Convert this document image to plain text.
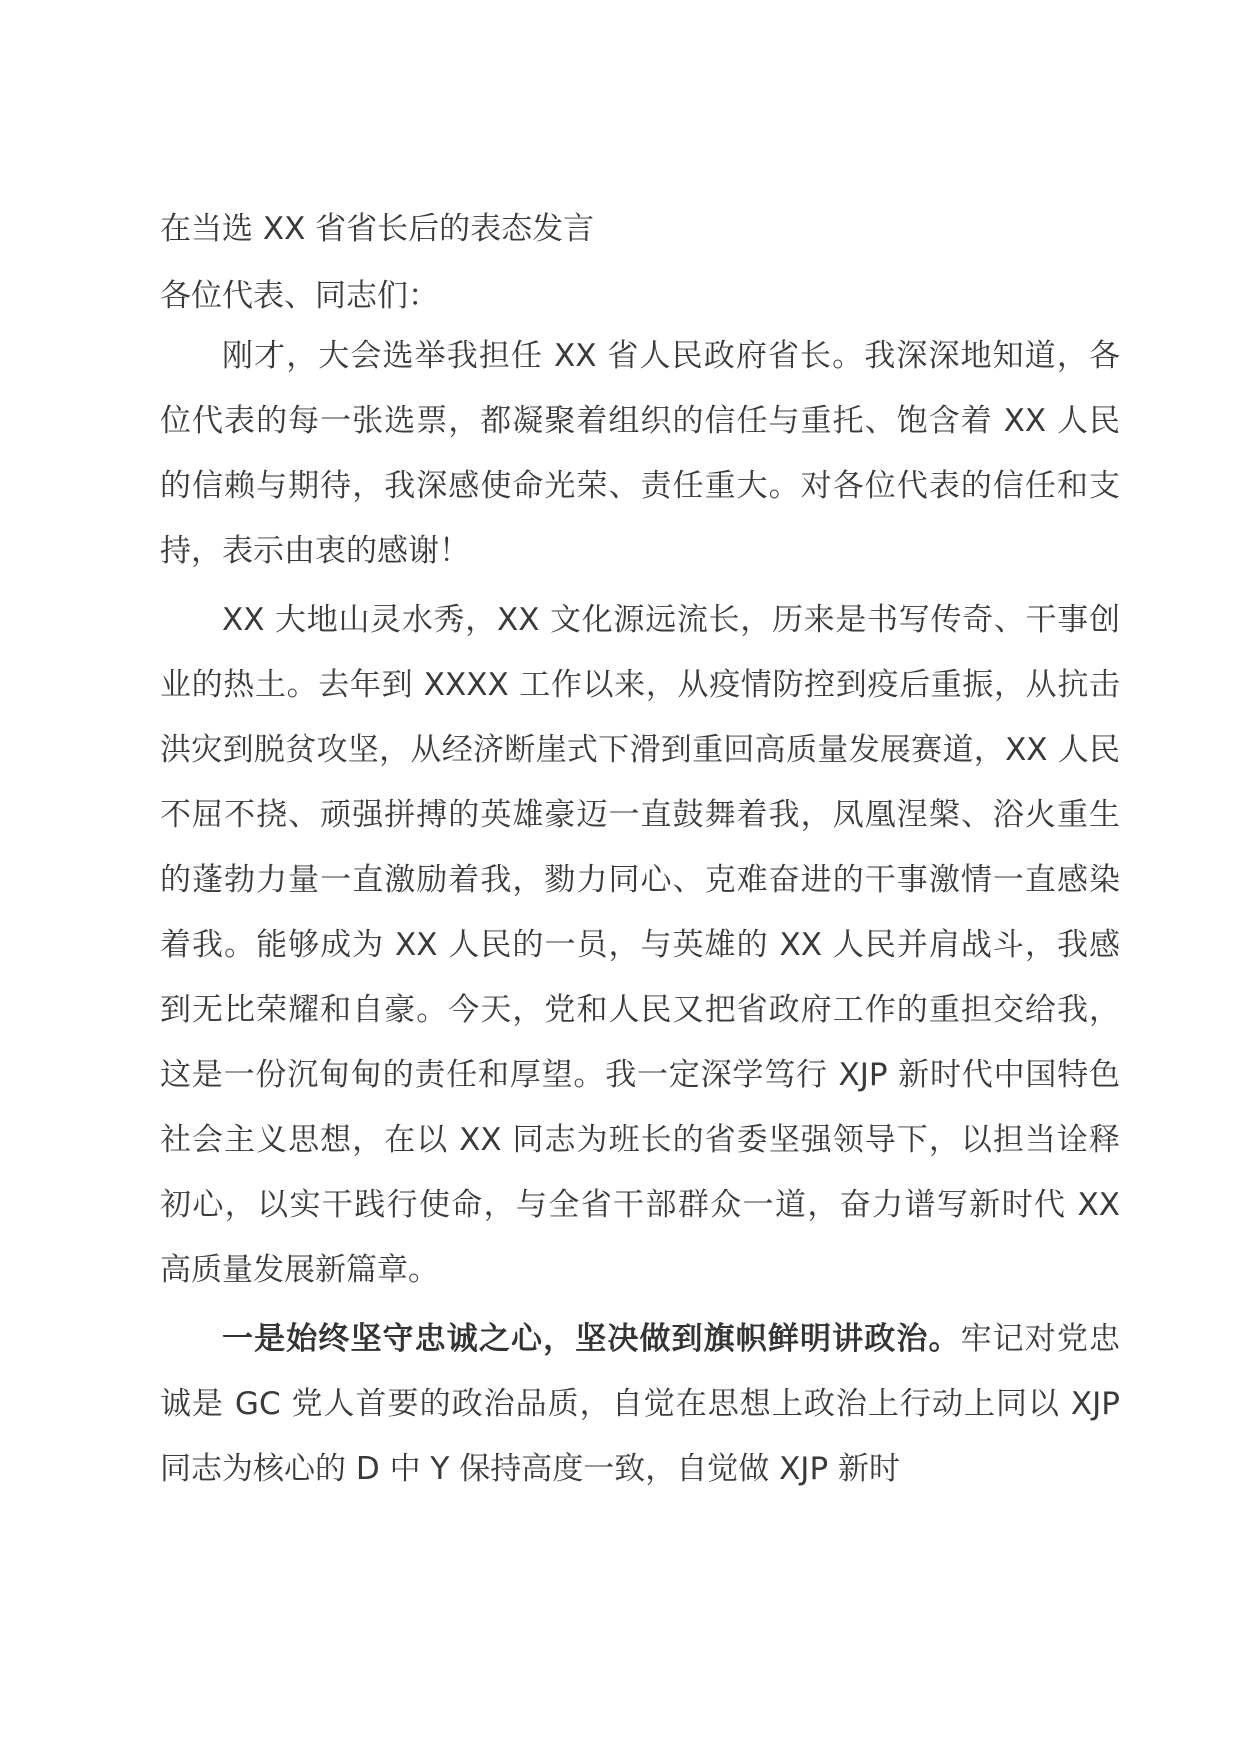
在当选 XX 省省长后的表态发言

各位代表、同志们：

刚才，大会选举我担任 XX 省人民政府省长。我深深地知道，各位代表的每一张选票，都凝聚着组织的信任与重托、饱含着 XX 人民的信赖与期待，我深感使命光荣、责任重大。对各位代表的信任和支持，表示由衷的感谢！

XX 大地山灵水秀，XX 文化源远流长，历来是书写传奇、干事创业的热土。去年到 XXXX 工作以来，从疫情防控到疫后重振，从抗击洪灾到脱贫攻坚，从经济断崖式下滑到重回高质量发展赛道，XX 人民不屈不挠、顽强拼搏的英雄豪迈一直鼓舞着我，凤凰涅槃、浴火重生的蓬勃力量一直激励着我，勠力同心、克难奋进的干事激情一直感染着我。能够成为 XX 人民的一员，与英雄的 XX 人民并肩战斗，我感到无比荣耀和自豪。今天，党和人民又把省政府工作的重担交给我，这是一份沉甸甸的责任和厚望。我一定深学笃行 XJP 新时代中国特色社会主义思想，在以 XX 同志为班长的省委坚强领导下，以担当诠释初心，以实干践行使命，与全省干部群众一道，奋力谱写新时代 XX 高质量发展新篇章。

一是始终坚守忠诚之心，坚决做到旗帜鲜明讲政治。牢记对党忠诚是 GC 党人首要的政治品质，自觉在思想上政治上行动上同以 XJP 同志为核心的 D 中 Y 保持高度一致，自觉做 XJP 新时
